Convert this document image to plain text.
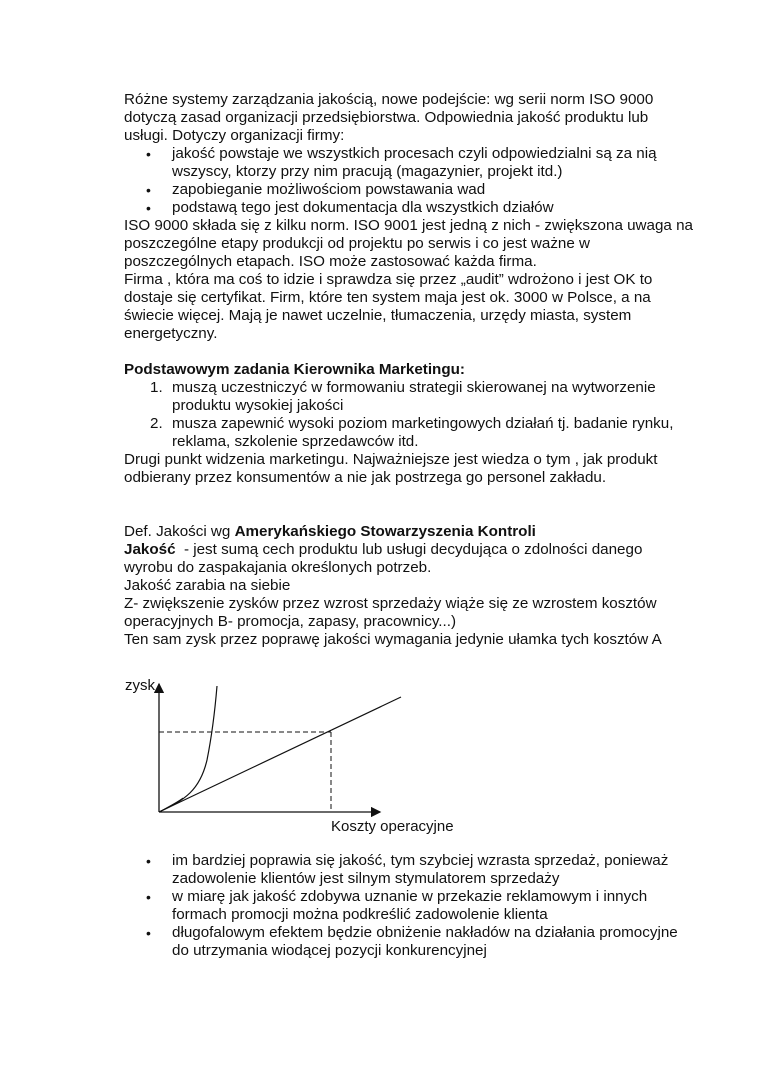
Różne systemy zarządzania jakością, nowe podejście: wg serii norm ISO 9000

dotyczą zasad organizacji przedsiębiorstwa. Odpowiednia jakość produktu lub

usługi. Dotyczy organizacji firmy:

• jakość powstaje we wszystkich procesach czyli odpowiedzialni są za nią
wszyscy, ktorzy przy nim pracują (magazynier, projekt itd.)
• zapobieganie możliwościom powstawania wad
• podstawą tego jest dokumentacja dla wszystkich działów

ISO 9000 składa się z kilku norm. ISO 9001 jest jedną z nich - zwiększona uwaga na

poszczególne etapy produkcji od projektu po serwis i co jest ważne w

poszczególnych etapach. ISO może zastosować każda firma.

Firma , która ma coś to idzie i sprawdza się przez „audit” wdrożono i jest OK to

dostaje się certyfikat. Firm, które ten system maja jest ok. 3000 w Polsce, a na

świecie więcej. Mają je nawet uczelnie, tłumaczenia, urzędy miasta, system

energetyczny.

Podstawowym zadania Kierownika Marketingu:

1. muszą uczestniczyć w formowaniu strategii skierowanej na wytworzenie
produktu wysokiej jakości
2. musza zapewnić wysoki poziom marketingowych działań tj. badanie rynku,
reklama, szkolenie sprzedawców itd.

Drugi punkt widzenia marketingu. Najważniejsze jest wiedza o tym , jak produkt

odbierany przez konsumentów a nie jak postrzega go personel zakładu.

Def. Jakości wg Amerykańskiego Stowarzyszenia Kontroli

Jakość  - jest sumą cech produktu lub usługi decydująca o zdolności danego

wyrobu do zaspakajania określonych potrzeb.

Jakość zarabia na siebie

Z- zwiększenie zysków przez wzrost sprzedaży wiąże się ze wzrostem kosztów

operacyjnych B- promocja, zapasy, pracownicy...)

Ten sam zysk przez poprawę jakości wymagania jedynie ułamka tych kosztów A

zysk
Koszty operacyjne
• im bardziej poprawia się jakość, tym szybciej wzrasta sprzedaż, ponieważ
zadowolenie klientów jest silnym stymulatorem sprzedaży
• w miarę jak jakość zdobywa uznanie w przekazie reklamowym i innych
formach promocji można podkreślić zadowolenie klienta
• długofalowym efektem będzie obniżenie nakładów na działania promocyjne
do utrzymania wiodącej pozycji konkurencyjnej
